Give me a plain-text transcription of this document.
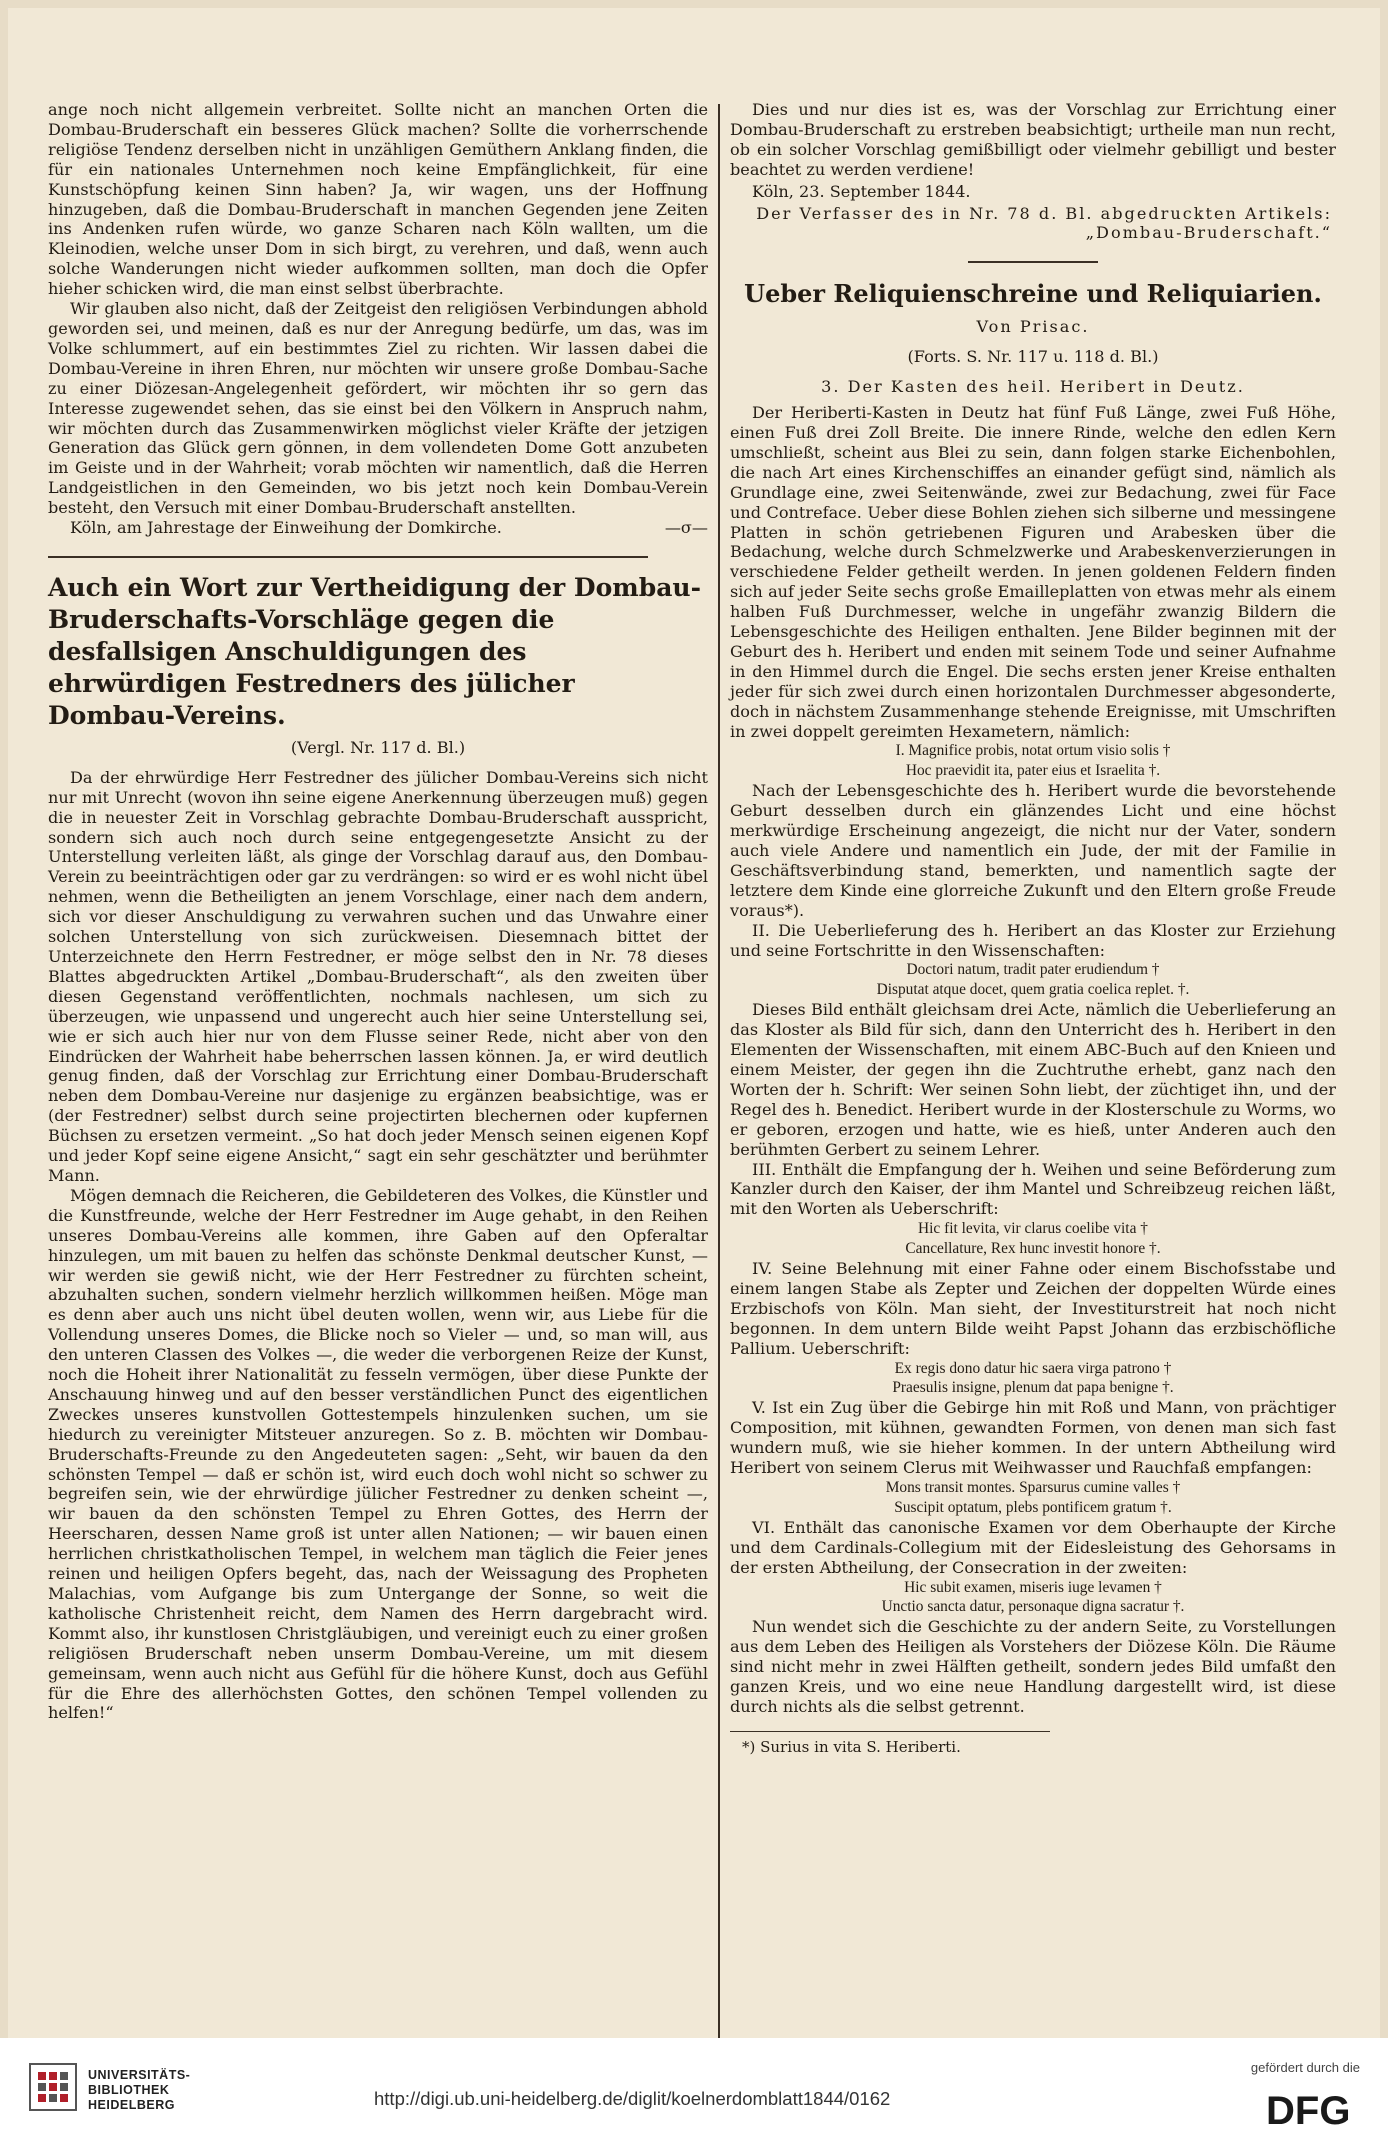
ange noch nicht allgemein verbreitet. Sollte nicht an manchen Orten die Dombau-Bruderschaft ein besseres Glück machen? Sollte die vorherrschende religiöse Tendenz derselben nicht in unzähligen Gemüthern Anklang finden, die für ein nationales Unternehmen noch keine Empfänglichkeit, für eine Kunstschöpfung keinen Sinn haben? Ja, wir wagen, uns der Hoffnung hinzugeben, daß die Dombau-Bruderschaft in manchen Gegenden jene Zeiten ins Andenken rufen würde, wo ganze Scharen nach Köln wallten, um die Kleinodien, welche unser Dom in sich birgt, zu verehren, und daß, wenn auch solche Wanderungen nicht wieder aufkommen sollten, man doch die Opfer hieher schicken wird, die man einst selbst überbrachte.

Wir glauben also nicht, daß der Zeitgeist den religiösen Verbindungen abhold geworden sei, und meinen, daß es nur der Anregung bedürfe, um das, was im Volke schlummert, auf ein bestimmtes Ziel zu richten. Wir lassen dabei die Dombau-Vereine in ihren Ehren, nur möchten wir unsere große Dombau-Sache zu einer Diözesan-Angelegenheit gefördert, wir möchten ihr so gern das Interesse zugewendet sehen, das sie einst bei den Völkern in Anspruch nahm, wir möchten durch das Zusammenwirken möglichst vieler Kräfte der jetzigen Generation das Glück gern gönnen, in dem vollendeten Dome Gott anzubeten im Geiste und in der Wahrheit; vorab möchten wir namentlich, daß die Herren Landgeistlichen in den Gemeinden, wo bis jetzt noch kein Dombau-Verein besteht, den Versuch mit einer Dombau-Bruderschaft anstellten.

Köln, am Jahrestage der Einweihung der Domkirche.	—σ—

Auch ein Wort zur Vertheidigung der Dombau-Bruderschafts-Vorschläge gegen die desfallsigen Anschuldigungen des ehrwürdigen Festredners des jülicher Dombau-Vereins.
(Vergl. Nr. 117 d. Bl.)

Da der ehrwürdige Herr Festredner des jülicher Dombau-Vereins sich nicht nur mit Unrecht (wovon ihn seine eigene Anerkennung überzeugen muß) gegen die in neuester Zeit in Vorschlag gebrachte Dombau-Bruderschaft ausspricht, sondern sich auch noch durch seine entgegengesetzte Ansicht zu der Unterstellung verleiten läßt, als ginge der Vorschlag darauf aus, den Dombau-Verein zu beeinträchtigen oder gar zu verdrängen: so wird er es wohl nicht übel nehmen, wenn die Betheiligten an jenem Vorschlage, einer nach dem andern, sich vor dieser Anschuldigung zu verwahren suchen und das Unwahre einer solchen Unterstellung von sich zurückweisen. Diesemnach bittet der Unterzeichnete den Herrn Festredner, er möge selbst den in Nr. 78 dieses Blattes abgedruckten Artikel „Dombau-Bruderschaft“, als den zweiten über diesen Gegenstand veröffentlichten, nochmals nachlesen, um sich zu überzeugen, wie unpassend und ungerecht auch hier seine Unterstellung sei, wie er sich auch hier nur von dem Flusse seiner Rede, nicht aber von den Eindrücken der Wahrheit habe beherrschen lassen können. Ja, er wird deutlich genug finden, daß der Vorschlag zur Errichtung einer Dombau-Bruderschaft neben dem Dombau-Vereine nur dasjenige zu ergänzen beabsichtige, was er (der Festredner) selbst durch seine projectirten blechernen oder kupfernen Büchsen zu ersetzen vermeint. „So hat doch jeder Mensch seinen eigenen Kopf und jeder Kopf seine eigene Ansicht,“ sagt ein sehr geschätzter und berühmter Mann.

Mögen demnach die Reicheren, die Gebildeteren des Volkes, die Künstler und die Kunstfreunde, welche der Herr Festredner im Auge gehabt, in den Reihen unseres Dombau-Vereins alle kommen, ihre Gaben auf den Opferaltar hinzulegen, um mit bauen zu helfen das schönste Denkmal deutscher Kunst, — wir werden sie gewiß nicht, wie der Herr Festredner zu fürchten scheint, abzuhalten suchen, sondern vielmehr herzlich willkommen heißen. Möge man es denn aber auch uns nicht übel deuten wollen, wenn wir, aus Liebe für die Vollendung unseres Domes, die Blicke noch so Vieler — und, so man will, aus den unteren Classen des Volkes —, die weder die verborgenen Reize der Kunst, noch die Hoheit ihrer Nationalität zu fesseln vermögen, über diese Punkte der Anschauung hinweg und auf den besser verständlichen Punct des eigentlichen Zweckes unseres kunstvollen Gottestempels hinzulenken suchen, um sie hiedurch zu vereinigter Mitsteuer anzuregen. So z. B. möchten wir Dombau-Bruderschafts-Freunde zu den Angedeuteten sagen: „Seht, wir bauen da den schönsten Tempel — daß er schön ist, wird euch doch wohl nicht so schwer zu begreifen sein, wie der ehrwürdige jülicher Festredner zu denken scheint —, wir bauen da den schönsten Tempel zu Ehren Gottes, des Herrn der Heerscharen, dessen Name groß ist unter allen Nationen; — wir bauen einen herrlichen christkatholischen Tempel, in welchem man täglich die Feier jenes reinen und heiligen Opfers begeht, das, nach der Weissagung des Propheten Malachias, vom Aufgange bis zum Untergange der Sonne, so weit die katholische Christenheit reicht, dem Namen des Herrn dargebracht wird. Kommt also, ihr kunstlosen Christgläubigen, und vereinigt euch zu einer großen religiösen Bruderschaft neben unserm Dombau-Vereine, um mit diesem gemeinsam, wenn auch nicht aus Gefühl für die höhere Kunst, doch aus Gefühl für die Ehre des allerhöchsten Gottes, den schönen Tempel vollenden zu helfen!“

Dies und nur dies ist es, was der Vorschlag zur Errichtung einer Dombau-Bruderschaft zu erstreben beabsichtigt; urtheile man nun recht, ob ein solcher Vorschlag gemißbilligt oder vielmehr gebilligt und bester beachtet zu werden verdiene!

Köln, 23. September 1844.

Der Verfasser des in Nr. 78 d. Bl. abgedruckten Artikels: „Dombau-Bruderschaft.“

Ueber Reliquienschreine und Reliquiarien.
Von Prisac.
(Forts. S. Nr. 117 u. 118 d. Bl.)
3. Der Kasten des heil. Heribert in Deutz.

Der Heriberti-Kasten in Deutz hat fünf Fuß Länge, zwei Fuß Höhe, einen Fuß drei Zoll Breite. Die innere Rinde, welche den edlen Kern umschließt, scheint aus Blei zu sein, dann folgen starke Eichenbohlen, die nach Art eines Kirchenschiffes an einander gefügt sind, nämlich als Grundlage eine, zwei Seitenwände, zwei zur Bedachung, zwei für Face und Contreface. Ueber diese Bohlen ziehen sich silberne und messingene Platten in schön getriebenen Figuren und Arabesken über die Bedachung, welche durch Schmelzwerke und Arabeskenverzierungen in verschiedene Felder getheilt werden. In jenen goldenen Feldern finden sich auf jeder Seite sechs große Emailleplatten von etwas mehr als einem halben Fuß Durchmesser, welche in ungefähr zwanzig Bildern die Lebensgeschichte des Heiligen enthalten. Jene Bilder beginnen mit der Geburt des h. Heribert und enden mit seinem Tode und seiner Aufnahme in den Himmel durch die Engel. Die sechs ersten jener Kreise enthalten jeder für sich zwei durch einen horizontalen Durchmesser abgesonderte, doch in nächstem Zusammenhange stehende Ereignisse, mit Umschriften in zwei doppelt gereimten Hexametern, nämlich:

I. Magnifice probis, notat ortum visio solis †
Hoc praevidit ita, pater eius et Israelita †.

Nach der Lebensgeschichte des h. Heribert wurde die bevorstehende Geburt desselben durch ein glänzendes Licht und eine höchst merkwürdige Erscheinung angezeigt, die nicht nur der Vater, sondern auch viele Andere und namentlich ein Jude, der mit der Familie in Geschäftsverbindung stand, bemerkten, und namentlich sagte der letztere dem Kinde eine glorreiche Zukunft und den Eltern große Freude voraus*).

II. Die Ueberlieferung des h. Heribert an das Kloster zur Erziehung und seine Fortschritte in den Wissenschaften:

Doctori natum, tradit pater erudiendum †
Disputat atque docet, quem gratia coelica replet. †.

Dieses Bild enthält gleichsam drei Acte, nämlich die Ueberlieferung an das Kloster als Bild für sich, dann den Unterricht des h. Heribert in den Elementen der Wissenschaften, mit einem ABC-Buch auf den Knieen und einem Meister, der gegen ihn die Zuchtruthe erhebt, ganz nach den Worten der h. Schrift: Wer seinen Sohn liebt, der züchtiget ihn, und der Regel des h. Benedict. Heribert wurde in der Klosterschule zu Worms, wo er geboren, erzogen und hatte, wie es hieß, unter Anderen auch den berühmten Gerbert zu seinem Lehrer.

III. Enthält die Empfangung der h. Weihen und seine Beförderung zum Kanzler durch den Kaiser, der ihm Mantel und Schreibzeug reichen läßt, mit den Worten als Ueberschrift:

Hic fit levita, vir clarus coelibe vita †
Cancellature, Rex hunc investit honore †.

IV. Seine Belehnung mit einer Fahne oder einem Bischofsstabe und einem langen Stabe als Zepter und Zeichen der doppelten Würde eines Erzbischofs von Köln. Man sieht, der Investiturstreit hat noch nicht begonnen. In dem untern Bilde weiht Papst Johann das erzbischöfliche Pallium. Ueberschrift:

Ex regis dono datur hic saera virga patrono †
Praesulis insigne, plenum dat papa benigne †.

V. Ist ein Zug über die Gebirge hin mit Roß und Mann, von prächtiger Composition, mit kühnen, gewandten Formen, von denen man sich fast wundern muß, wie sie hieher kommen. In der untern Abtheilung wird Heribert von seinem Clerus mit Weihwasser und Rauchfaß empfangen:

Mons transit montes. Sparsurus cumine valles †
Suscipit optatum, plebs pontificem gratum †.

VI. Enthält das canonische Examen vor dem Oberhaupte der Kirche und dem Cardinals-Collegium mit der Eidesleistung des Gehorsams in der ersten Abtheilung, der Consecration in der zweiten:

Hic subit examen, miseris iuge levamen †
Unctio sancta datur, personaque digna sacratur †.

Nun wendet sich die Geschichte zu der andern Seite, zu Vorstellungen aus dem Leben des Heiligen als Vorstehers der Diözese Köln. Die Räume sind nicht mehr in zwei Hälften getheilt, sondern jedes Bild umfaßt den ganzen Kreis, und wo eine neue Handlung dargestellt wird, ist diese durch nichts als die selbst getrennt.

*) Surius in vita S. Heriberti.
UNIVERSITÄTS-
BIBLIOTHEK
HEIDELBERG	http://digi.ub.uni-heidelberg.de/diglit/koelnerdomblatt1844/0162
gefördert durch die
DFG
